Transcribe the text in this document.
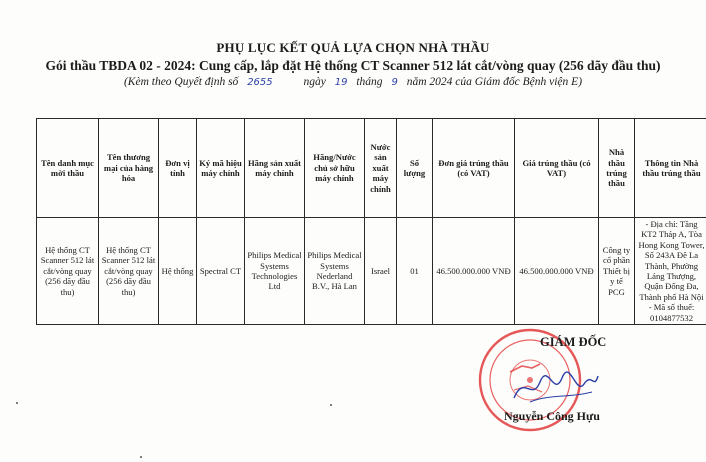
PHỤ LỤC KẾT QUẢ LỰA CHỌN NHÀ THẦU
Gói thầu TBDA 02 - 2024: Cung cấp, lắp đặt Hệ thống CT Scanner 512 lát cắt/vòng quay (256 dãy đầu thu)
(Kèm theo Quyết định số 2655	ngày 19 tháng 9 năm 2024 của Giám đốc Bệnh viện E)
Tên danh mục mời thầu	Tên thương mại của hàng hóa	Đơn vị tính	Ký mã hiệu máy chính	Hãng sản xuất máy chính	Hãng/Nước chủ sở hữu máy chính	Nước sản xuất máy chính	Số lượng	Đơn giá trúng thầu (có VAT)	Giá trúng thầu (có VAT)	Nhà thầu trúng thầu	Thông tin Nhà thầu trúng thầu
Hệ thống CT Scanner 512 lát cắt/vòng quay (256 dãy đầu thu)	Hệ thống CT Scanner 512 lát cắt/vòng quay (256 dãy đầu thu)	Hệ thống	Spectral CT	Philips Medical Systems Technologies Ltd	Philips Medical Systems Nederland B.V., Hà Lan	Israel	01	46.500.000.000 VNĐ	46.500.000.000 VNĐ	Công ty cổ phần Thiết bị y tế PCG	- Địa chỉ: Tầng KT2 Tháp A, Tòa Hong Kong Tower, Số 243A Đê La Thành, Phường Láng Thượng, Quận Đống Đa, Thành phố Hà Nội - Mã số thuế: 0104877532
GIÁM ĐỐC
Nguyễn Công Hựu
